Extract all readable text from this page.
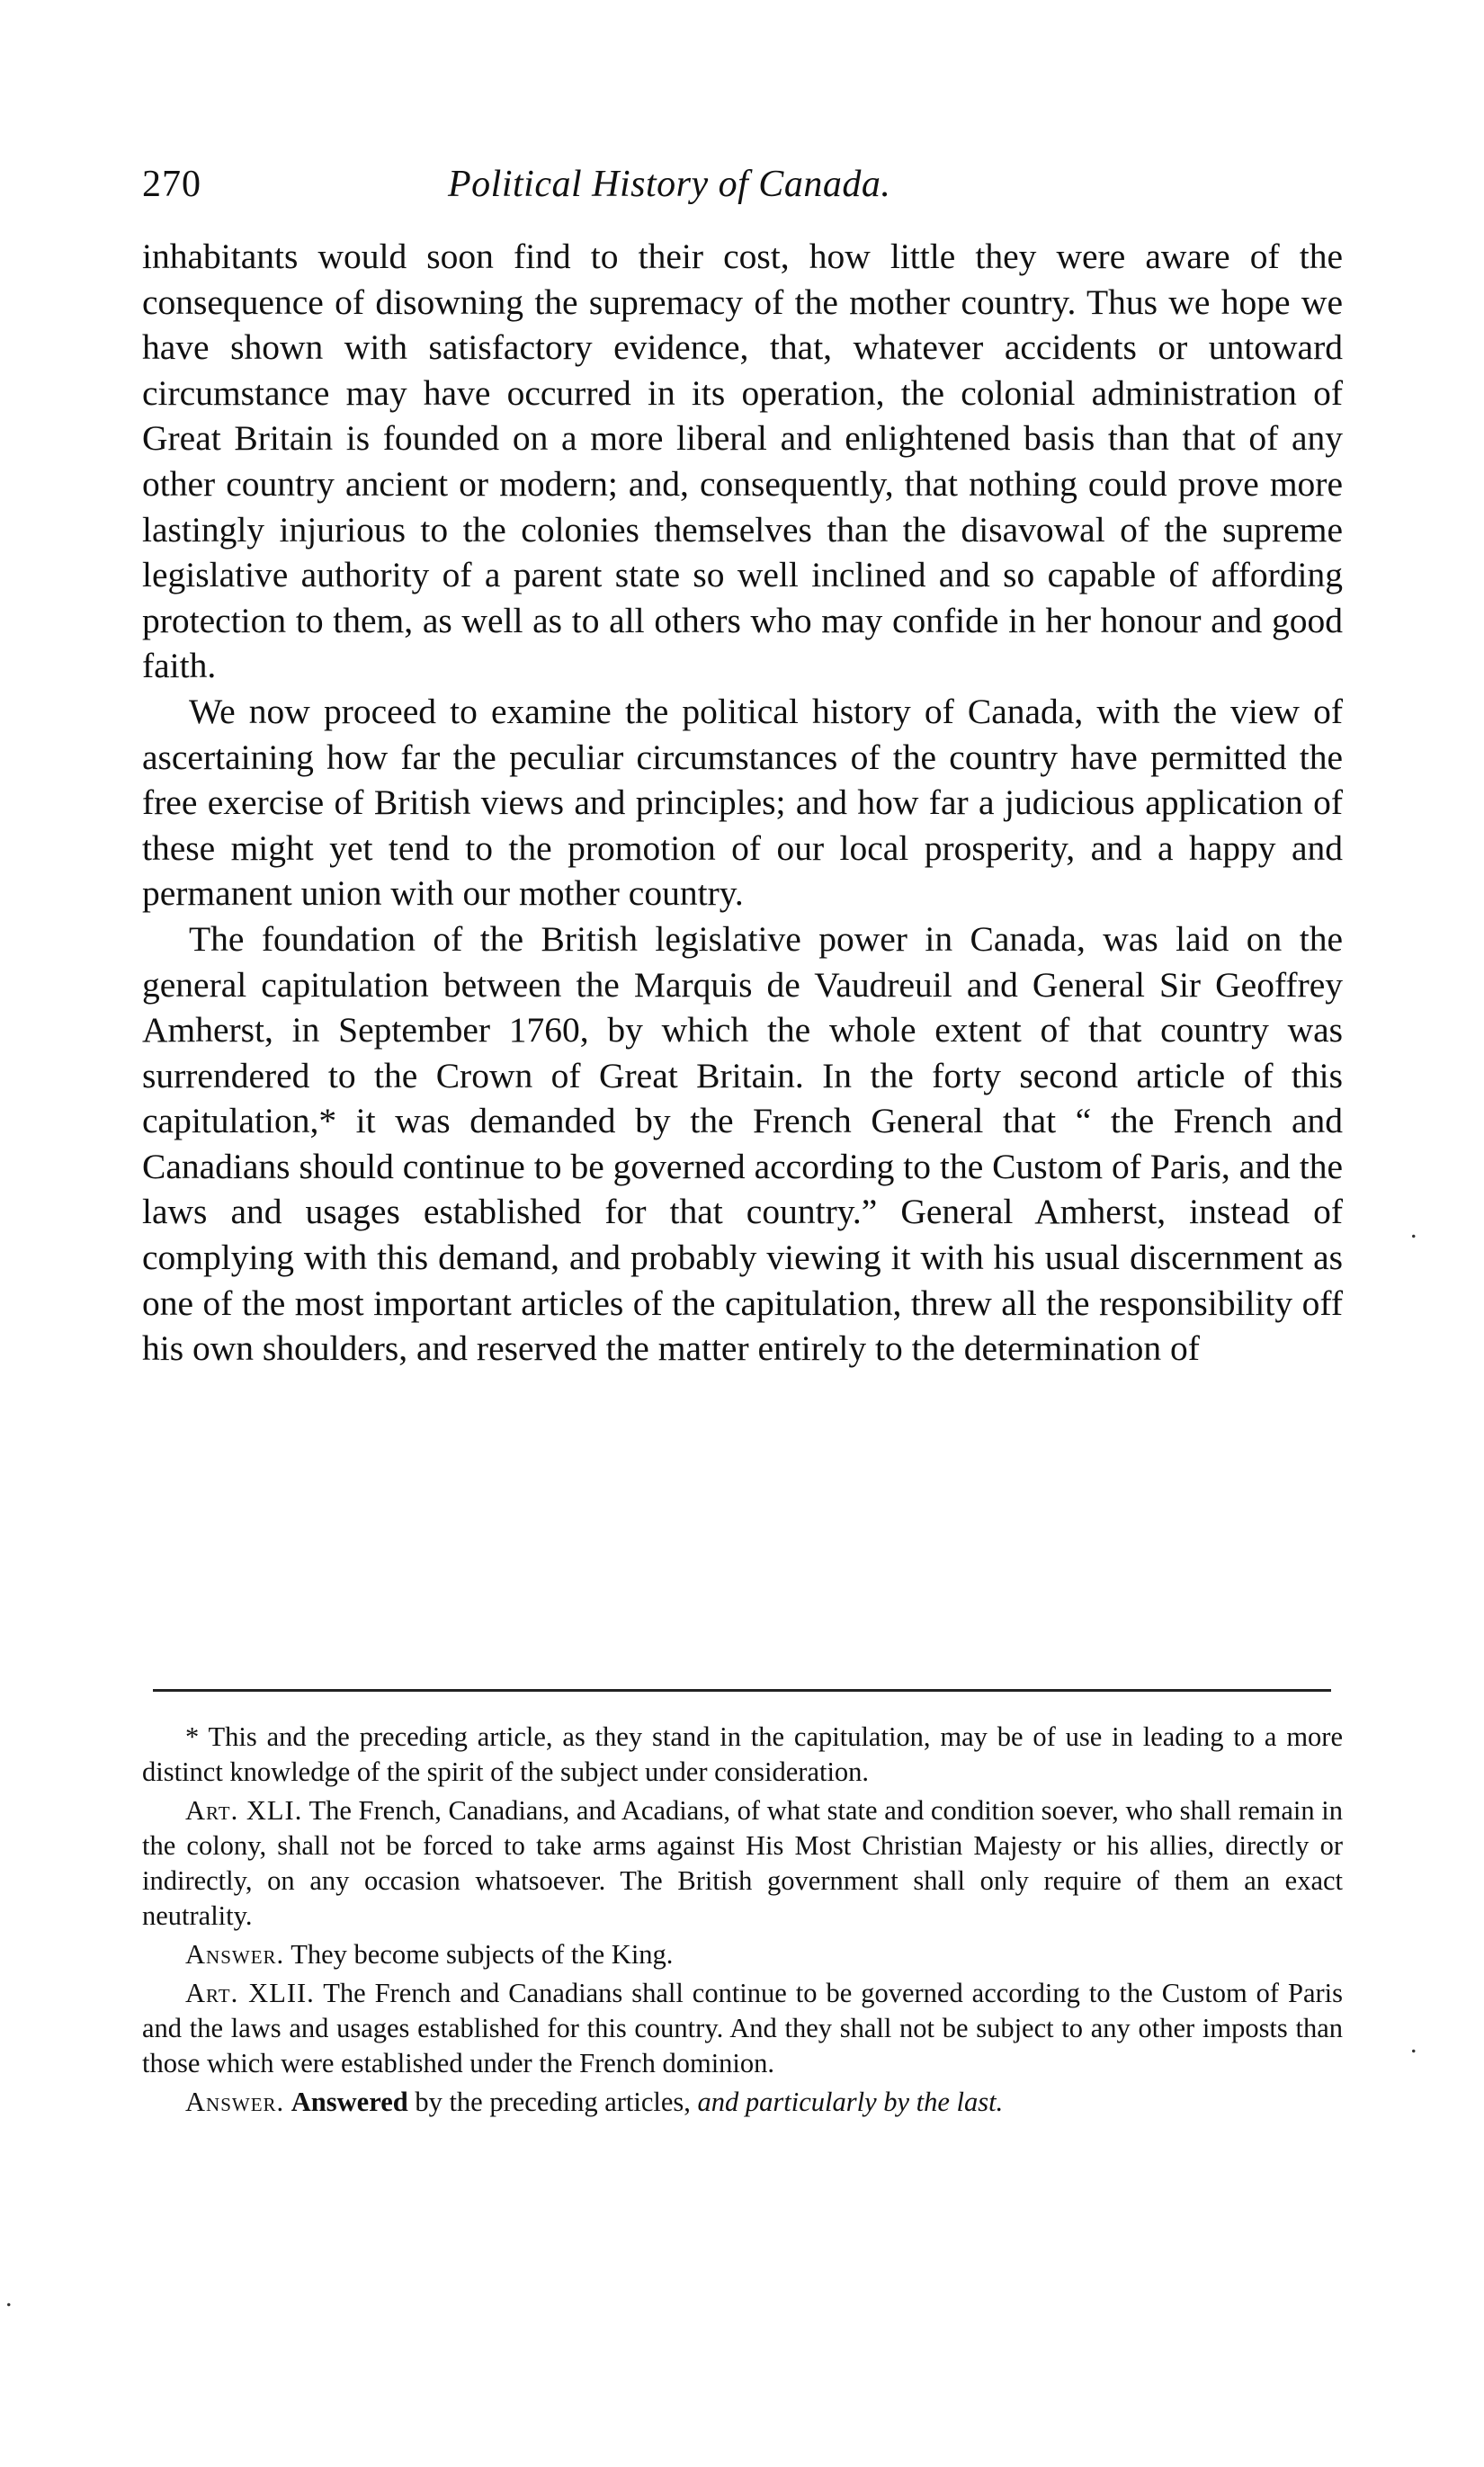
270	Political History of Canada.

inhabitants would soon find to their cost, how little they were aware of the consequence of disowning the supremacy of the mother country. Thus we hope we have shown with satisfactory evidence, that, whatever accidents or untoward circumstance may have occurred in its operation, the colonial administration of Great Britain is founded on a more liberal and enlightened basis than that of any other country ancient or modern; and, consequently, that nothing could prove more lastingly injurious to the colonies themselves than the disavowal of the supreme legislative authority of a parent state so well inclined and so capable of affording protection to them, as well as to all others who may confide in her honour and good faith.

We now proceed to examine the political history of Canada, with the view of ascertaining how far the peculiar circumstances of the country have permitted the free exercise of British views and principles; and how far a judicious application of these might yet tend to the promotion of our local prosperity, and a happy and permanent union with our mother country.

The foundation of the British legislative power in Canada, was laid on the general capitulation between the Marquis de Vaudreuil and General Sir Geoffrey Amherst, in September 1760, by which the whole extent of that country was surrendered to the Crown of Great Britain. In the forty second article of this capitulation,* it was demanded by the French General that “ the French and Canadians should continue to be governed according to the Custom of Paris, and the laws and usages established for that country.” General Amherst, instead of complying with this demand, and probably viewing it with his usual discernment as one of the most important articles of the capitulation, threw all the responsibility off his own shoulders, and reserved the matter entirely to the determination of

* This and the preceding article, as they stand in the capitulation, may be of use in leading to a more distinct knowledge of the spirit of the subject under consideration.

Art. XLI. The French, Canadians, and Acadians, of what state and condition soever, who shall remain in the colony, shall not be forced to take arms against His Most Christian Majesty or his allies, directly or indirectly, on any occasion whatsoever. The British government shall only require of them an exact neutrality.

Answer. They become subjects of the King.

Art. XLII. The French and Canadians shall continue to be governed according to the Custom of Paris and the laws and usages established for this country. And they shall not be subject to any other imposts than those which were established under the French dominion.

Answer. Answered by the preceding articles, and particularly by the last.

.
.
.
